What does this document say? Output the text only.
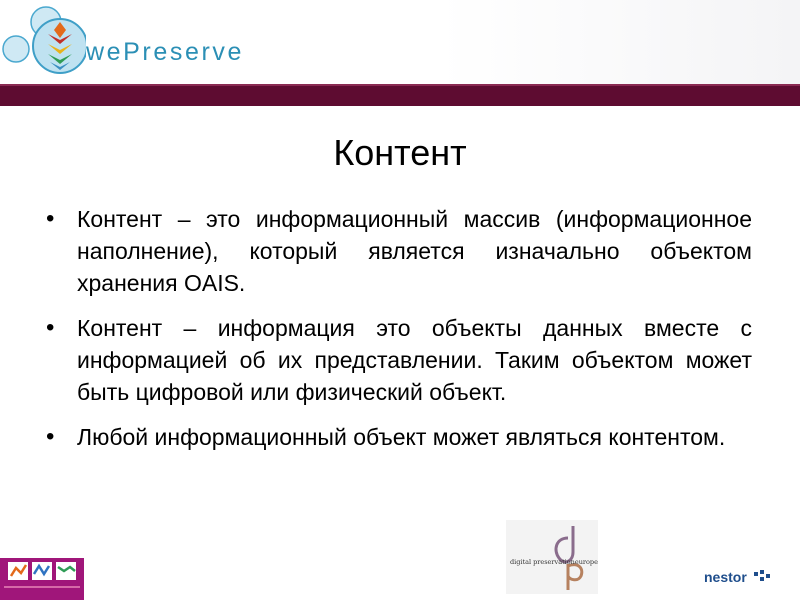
wePreserve
Контент
• Контент – это информационный массив (информационное наполнение), который является изначально объектом хранения OAIS.
• Контент – информация это объекты данных вместе с информацией об их представлении. Таким объектом может быть цифровой или физический объект.
• Любой информационный объект может являться контентом.
digital preservationeurope
nestor
